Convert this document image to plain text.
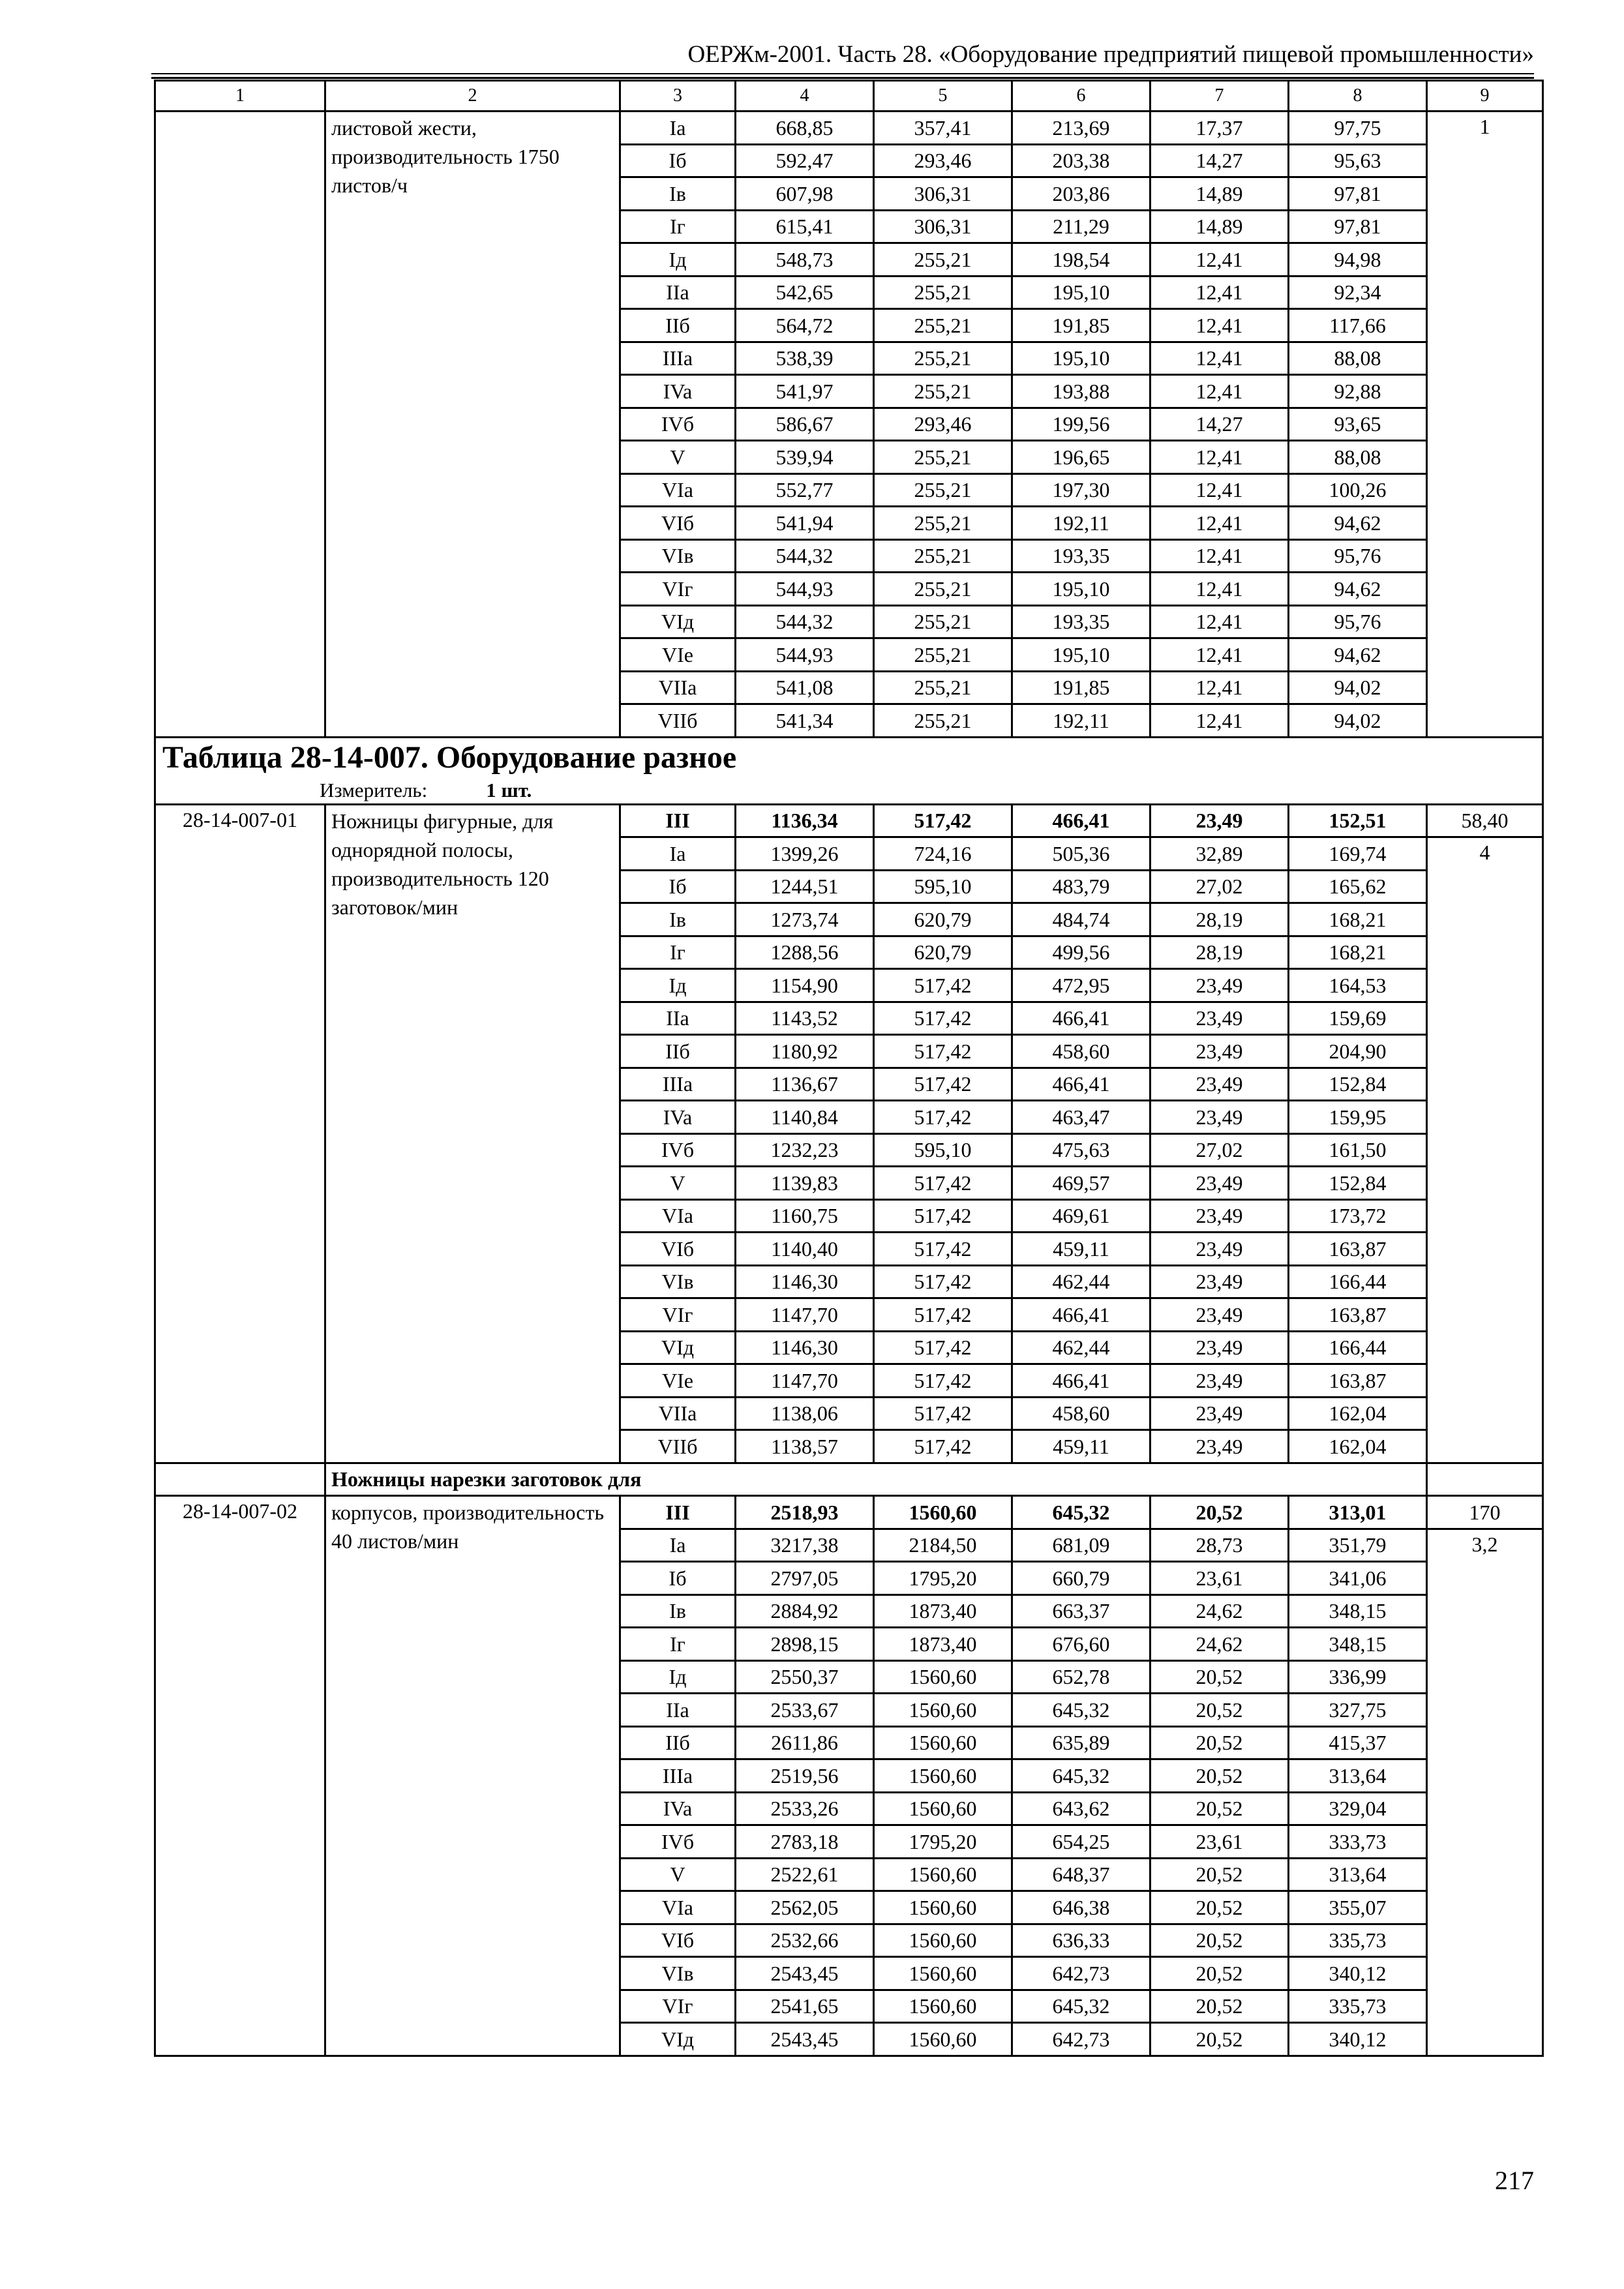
ОЕРЖм-2001. Часть 28. «Оборудование предприятий пищевой промышленности»
1	2	3	4	5	6	7	8	9
	листовой жести, производительность 1750 листов/ч	Ia	668,85	357,41	213,69	17,37	97,75	1
		Iб	592,47	293,46	203,38	14,27	95,63	
		Iв	607,98	306,31	203,86	14,89	97,81	
		Iг	615,41	306,31	211,29	14,89	97,81	
		Iд	548,73	255,21	198,54	12,41	94,98	
		IIa	542,65	255,21	195,10	12,41	92,34	
		IIб	564,72	255,21	191,85	12,41	117,66	
		IIIa	538,39	255,21	195,10	12,41	88,08	
		IVa	541,97	255,21	193,88	12,41	92,88	
		IVб	586,67	293,46	199,56	14,27	93,65	
		V	539,94	255,21	196,65	12,41	88,08	
		VIa	552,77	255,21	197,30	12,41	100,26	
		VIб	541,94	255,21	192,11	12,41	94,62	
		VIв	544,32	255,21	193,35	12,41	95,76	
		VIг	544,93	255,21	195,10	12,41	94,62	
		VIд	544,32	255,21	193,35	12,41	95,76	
		VIe	544,93	255,21	195,10	12,41	94,62	
		VIIa	541,08	255,21	191,85	12,41	94,02	
		VIIб	541,34	255,21	192,11	12,41	94,02	
Таблица 28-14-007. Оборудование разное								
Измеритель: 1 шт.								
28-14-007-01	Ножницы фигурные, для однорядной полосы, производительность 120 заготовок/мин	III	1136,34	517,42	466,41	23,49	152,51	58,40
		Ia	1399,26	724,16	505,36	32,89	169,74	4
		Iб	1244,51	595,10	483,79	27,02	165,62	
		Iв	1273,74	620,79	484,74	28,19	168,21	
		Iг	1288,56	620,79	499,56	28,19	168,21	
		Iд	1154,90	517,42	472,95	23,49	164,53	
		IIa	1143,52	517,42	466,41	23,49	159,69	
		IIб	1180,92	517,42	458,60	23,49	204,90	
		IIIa	1136,67	517,42	466,41	23,49	152,84	
		IVa	1140,84	517,42	463,47	23,49	159,95	
		IVб	1232,23	595,10	475,63	27,02	161,50	
		V	1139,83	517,42	469,57	23,49	152,84	
		VIa	1160,75	517,42	469,61	23,49	173,72	
		VIб	1140,40	517,42	459,11	23,49	163,87	
		VIв	1146,30	517,42	462,44	23,49	166,44	
		VIг	1147,70	517,42	466,41	23,49	163,87	
		VIд	1146,30	517,42	462,44	23,49	166,44	
		VIe	1147,70	517,42	466,41	23,49	163,87	
		VIIa	1138,06	517,42	458,60	23,49	162,04	
		VIIб	1138,57	517,42	459,11	23,49	162,04	
	Ножницы нарезки заготовок для							
28-14-007-02	корпусов, производительность 40 листов/мин	III	2518,93	1560,60	645,32	20,52	313,01	170
		Ia	3217,38	2184,50	681,09	28,73	351,79	3,2
		Iб	2797,05	1795,20	660,79	23,61	341,06	
		Iв	2884,92	1873,40	663,37	24,62	348,15	
		Iг	2898,15	1873,40	676,60	24,62	348,15	
		Iд	2550,37	1560,60	652,78	20,52	336,99	
		IIa	2533,67	1560,60	645,32	20,52	327,75	
		IIб	2611,86	1560,60	635,89	20,52	415,37	
		IIIa	2519,56	1560,60	645,32	20,52	313,64	
		IVa	2533,26	1560,60	643,62	20,52	329,04	
		IVб	2783,18	1795,20	654,25	23,61	333,73	
		V	2522,61	1560,60	648,37	20,52	313,64	
		VIa	2562,05	1560,60	646,38	20,52	355,07	
		VIб	2532,66	1560,60	636,33	20,52	335,73	
		VIв	2543,45	1560,60	642,73	20,52	340,12	
		VIг	2541,65	1560,60	645,32	20,52	335,73	
		VIд	2543,45	1560,60	642,73	20,52	340,12	
217
